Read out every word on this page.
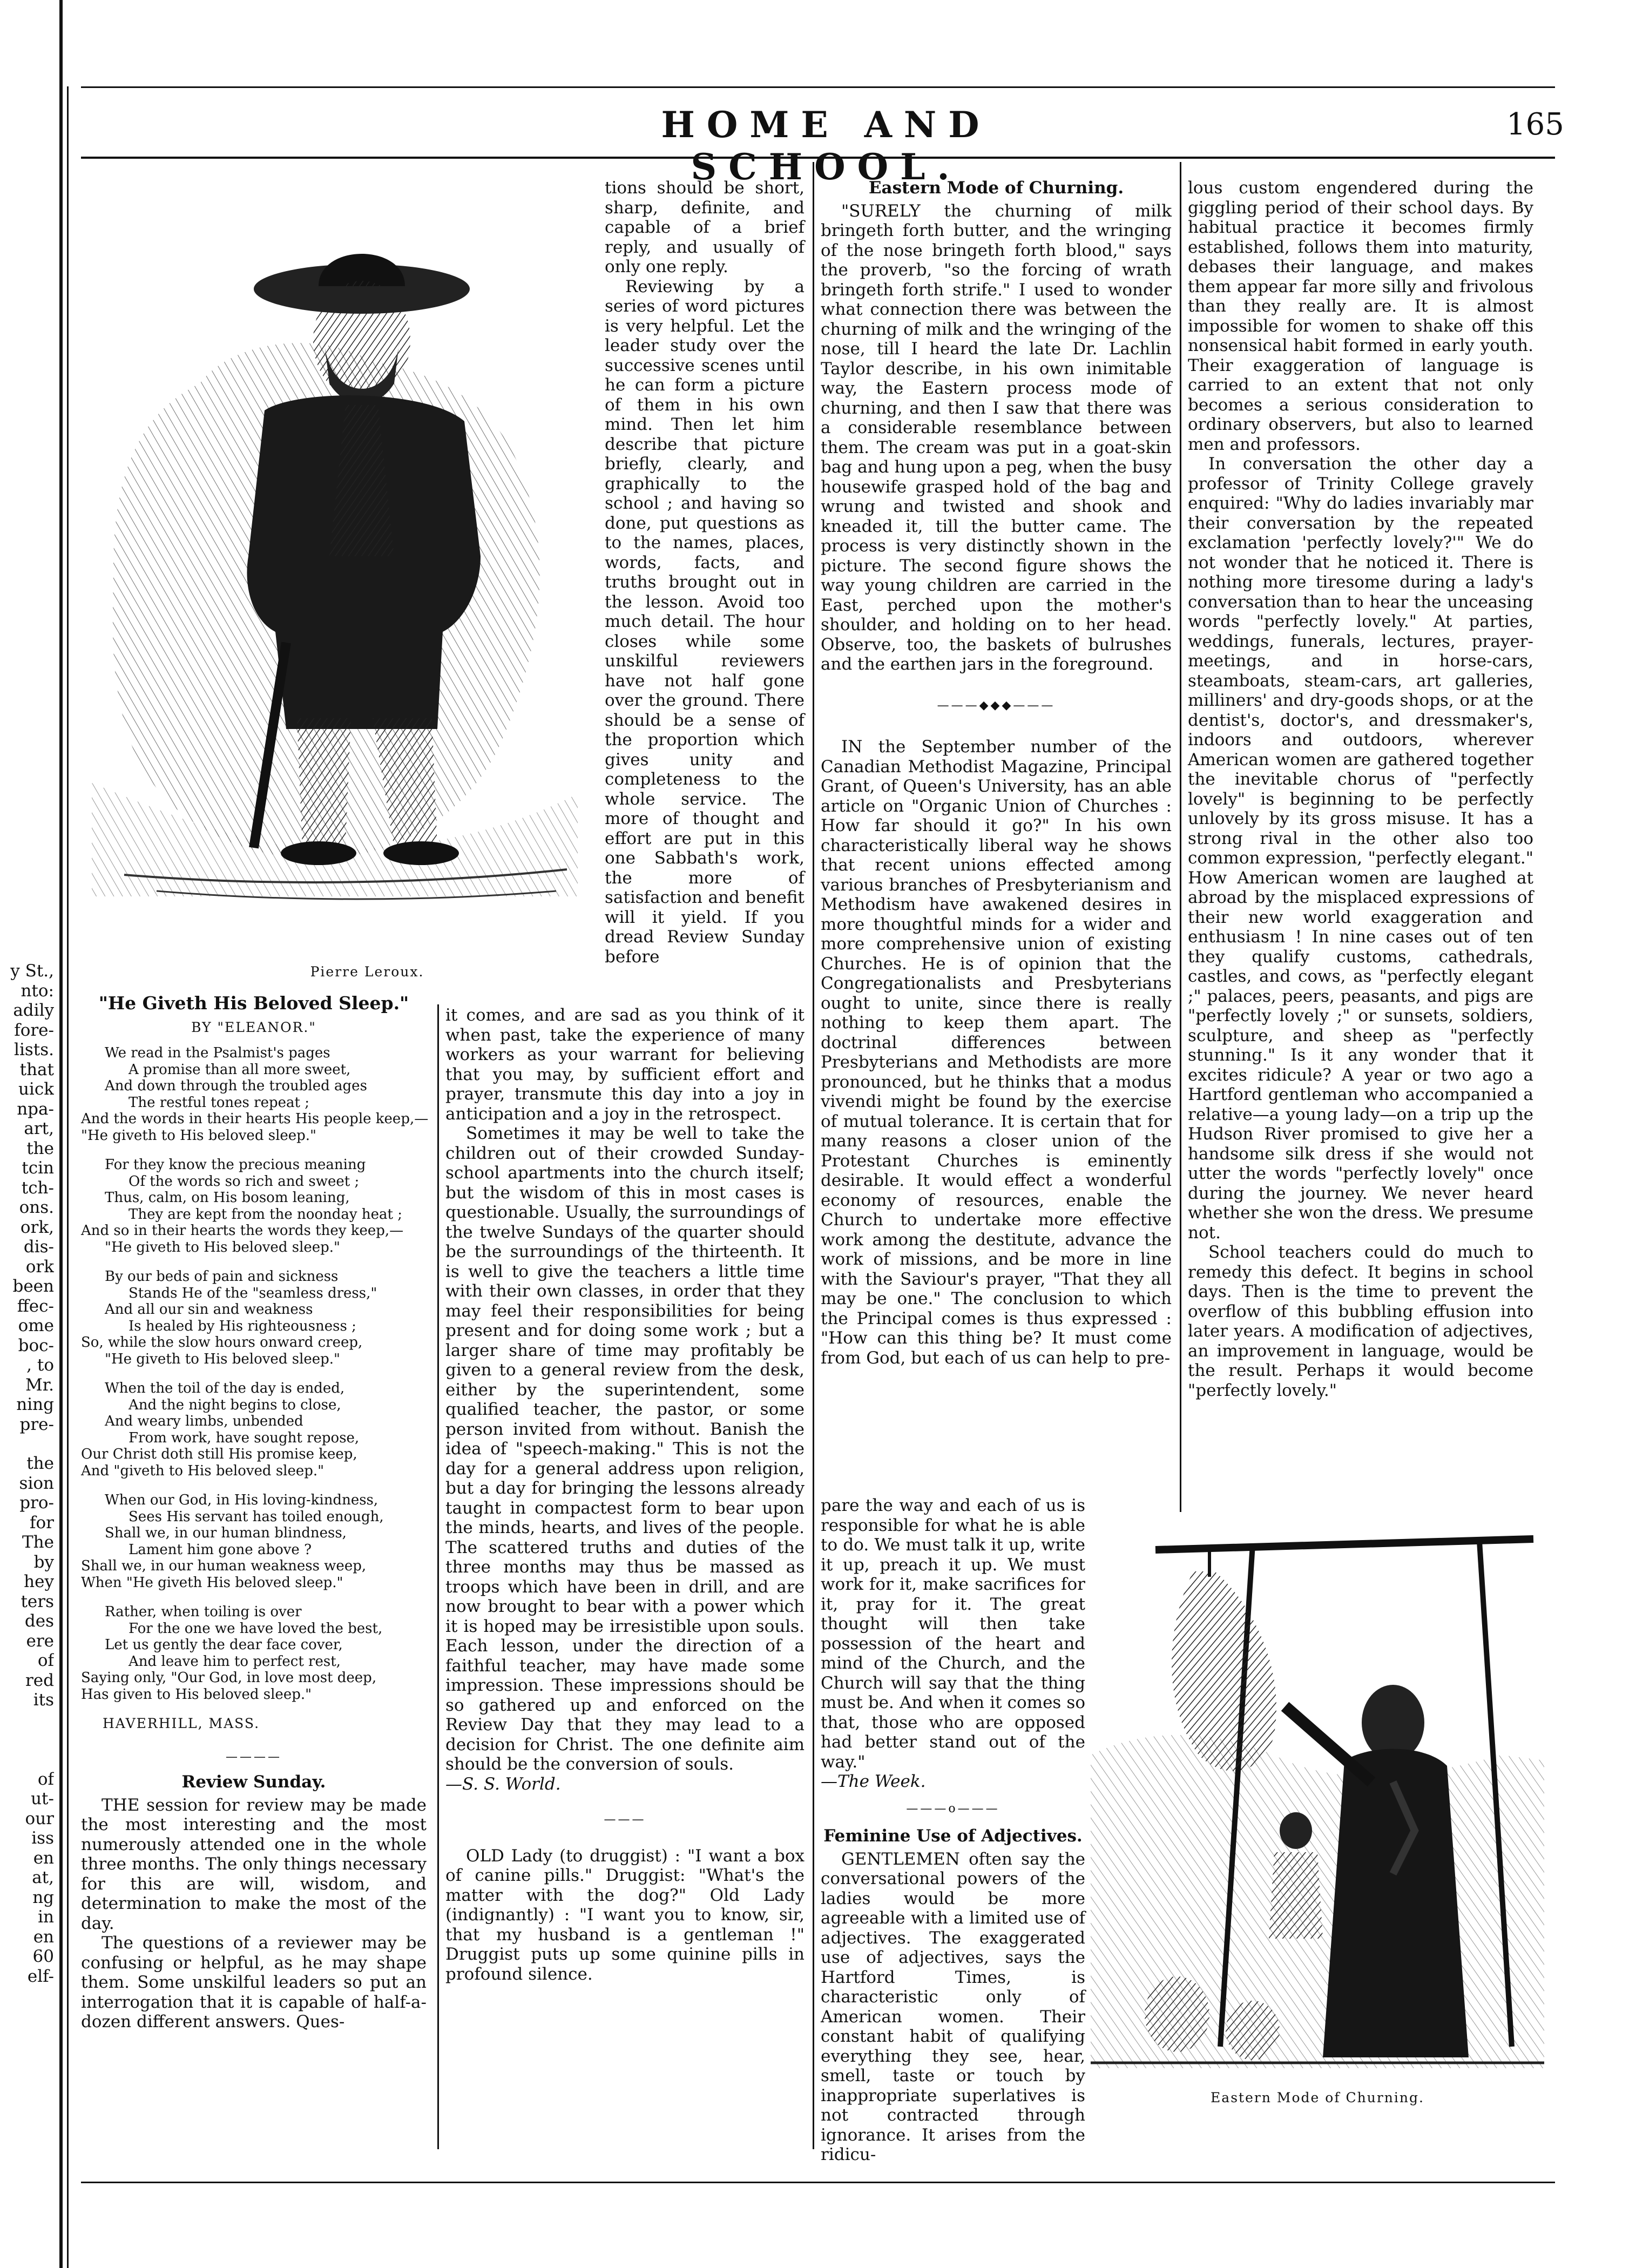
HOME AND SCHOOL.
165
y St.,
nto:
adily
fore-
lists.
that
uick
npa-
art,
the
tcin
tch-
ons.
ork,
dis-
ork
been
ffec-
ome
boc-
, to
Mr.
ning
pre-
the
sion
pro-
for
The
by
hey
ters
des
ere
of
red
its
of
ut-
our
iss
en
at,
ng
in
en
60
elf-
Pierre Leroux.
"He Giveth His Beloved Sleep."
BY "ELEANOR."
We read in the Psalmist's pages
A promise than all more sweet,
And down through the troubled ages
The restful tones repeat ;
And the words in their hearts His people keep,—
"He giveth to His beloved sleep."
For they know the precious meaning
Of the words so rich and sweet ;
Thus, calm, on His bosom leaning,
They are kept from the noonday heat ;
And so in their hearts the words they keep,—
"He giveth to His beloved sleep."
By our beds of pain and sickness
Stands He of the "seamless dress,"
And all our sin and weakness
Is healed by His righteousness ;
So, while the slow hours onward creep,
"He giveth to His beloved sleep."
When the toil of the day is ended,
And the night begins to close,
And weary limbs, unbended
From work, have sought repose,
Our Christ doth still His promise keep,
And "giveth to His beloved sleep."
When our God, in His loving-kindness,
Sees His servant has toiled enough,
Shall we, in our human blindness,
Lament him gone above ?
Shall we, in our human weakness weep,
When "He giveth His beloved sleep."
Rather, when toiling is over
For the one we have loved the best,
Let us gently the dear face cover,
And leave him to perfect rest,
Saying only, "Our God, in love most deep,
Has given to His beloved sleep."
HAVERHILL, MASS.
————
Review Sunday.

THE session for review may be made the most interesting and the most numerously attended one in the whole three months. The only things necessary for this are will, wisdom, and determination to make the most of the day.

The questions of a reviewer may be confusing or helpful, as he may shape them. Some unskilful leaders so put an interrogation that it is capable of half-a-dozen different answers. Ques-

tions should be short, sharp, definite, and capable of a brief reply, and usually of only one reply.

Reviewing by a series of word pictures is very helpful. Let the leader study over the successive scenes until he can form a picture of them in his own mind. Then let him describe that picture briefly, clearly, and graphically to the school ; and having so done, put questions as to the names, places, words, facts, and truths brought out in the lesson. Avoid too much detail. The hour closes while some unskilful reviewers have not half gone over the ground. There should be a sense of the proportion which gives unity and completeness to the whole service. The more of thought and effort are put in this one Sabbath's work, the more of satisfaction and benefit will it yield. If you dread Review Sunday before

it comes, and are sad as you think of it when past, take the experience of many workers as your warrant for believing that you may, by sufficient effort and prayer, transmute this day into a joy in anticipation and a joy in the retrospect.

Sometimes it may be well to take the children out of their crowded Sunday-school apartments into the church itself; but the wisdom of this in most cases is questionable. Usually, the surroundings of the twelve Sundays of the quarter should be the surroundings of the thirteenth. It is well to give the teachers a little time with their own classes, in order that they may feel their responsibilities for being present and for doing some work ; but a larger share of time may profitably be given to a general review from the desk, either by the superintendent, some qualified teacher, the pastor, or some person invited from without. Banish the idea of "speech-making." This is not the day for a general address upon religion, but a day for bringing the lessons already taught in compactest form to bear upon the minds, hearts, and lives of the people. The scattered truths and duties of the three months may thus be massed as troops which have been in drill, and are now brought to bear with a power which it is hoped may be irresistible upon souls. Each lesson, under the direction of a faithful teacher, may have made some impression. These impressions should be so gathered up and enforced on the Review Day that they may lead to a decision for Christ. The one definite aim should be the conversion of souls.

—S. S. World.

———

OLD Lady (to druggist) : "I want a box of canine pills." Druggist: "What's the matter with the dog?" Old Lady (indignantly) : "I want you to know, sir, that my husband is a gentleman !" Druggist puts up some quinine pills in profound silence.

Eastern Mode of Churning.

"SURELY the churning of milk bringeth forth butter, and the wringing of the nose bringeth forth blood," says the proverb, "so the forcing of wrath bringeth forth strife." I used to wonder what connection there was between the churning of milk and the wringing of the nose, till I heard the late Dr. Lachlin Taylor describe, in his own inimitable way, the Eastern process mode of churning, and then I saw that there was a considerable resemblance between them. The cream was put in a goat-skin bag and hung upon a peg, when the busy housewife grasped hold of the bag and wrung and twisted and shook and kneaded it, till the butter came. The process is very distinctly shown in the picture. The second figure shows the way young children are carried in the East, perched upon the mother's shoulder, and holding on to her head. Observe, too, the baskets of bulrushes and the earthen jars in the foreground.

———◆◆◆———

IN the September number of the Canadian Methodist Magazine, Principal Grant, of Queen's University, has an able article on "Organic Union of Churches : How far should it go?" In his own characteristically liberal way he shows that recent unions effected among various branches of Presbyterianism and Methodism have awakened desires in more thoughtful minds for a wider and more comprehensive union of existing Churches. He is of opinion that the Congregationalists and Presbyterians ought to unite, since there is really nothing to keep them apart. The doctrinal differences between Presbyterians and Methodists are more pronounced, but he thinks that a modus vivendi might be found by the exercise of mutual tolerance. It is certain that for many reasons a closer union of the Protestant Churches is eminently desirable. It would effect a wonderful economy of resources, enable the Church to undertake more effective work among the destitute, advance the work of missions, and be more in line with the Saviour's prayer, "That they all may be one." The conclusion to which the Principal comes is thus expressed : "How can this thing be? It must come from God, but each of us can help to pre-

pare the way and each of us is responsible for what he is able to do. We must talk it up, write it up, preach it up. We must work for it, make sacrifices for it, pray for it. The great thought will then take possession of the heart and mind of the Church, and the Church will say that the thing must be. And when it comes so that, those who are opposed had better stand out of the way."

—The Week.

———o———
Feminine Use of Adjectives.

GENTLEMEN often say the conversational powers of the ladies would be more agreeable with a limited use of adjectives. The exaggerated use of adjectives, says the Hartford Times, is characteristic only of American women. Their constant habit of qualifying everything they see, hear, smell, taste or touch by inappropriate superlatives is not contracted through ignorance. It arises from the ridicu-

lous custom engendered during the giggling period of their school days. By habitual practice it becomes firmly established, follows them into maturity, debases their language, and makes them appear far more silly and frivolous than they really are. It is almost impossible for women to shake off this nonsensical habit formed in early youth. Their exaggeration of language is carried to an extent that not only becomes a serious consideration to ordinary observers, but also to learned men and professors.

In conversation the other day a professor of Trinity College gravely enquired: "Why do ladies invariably mar their conversation by the repeated exclamation 'perfectly lovely?'" We do not wonder that he noticed it. There is nothing more tiresome during a lady's conversation than to hear the unceasing words "perfectly lovely." At parties, weddings, funerals, lectures, prayer-meetings, and in horse-cars, steamboats, steam-cars, art galleries, milliners' and dry-goods shops, or at the dentist's, doctor's, and dressmaker's, indoors and outdoors, wherever American women are gathered together the inevitable chorus of "perfectly lovely" is beginning to be perfectly unlovely by its gross misuse. It has a strong rival in the other also too common expression, "perfectly elegant." How American women are laughed at abroad by the misplaced expressions of their new world exaggeration and enthusiasm ! In nine cases out of ten they qualify customs, cathedrals, castles, and cows, as "perfectly elegant ;" palaces, peers, peasants, and pigs are "perfectly lovely ;" or sunsets, soldiers, sculpture, and sheep as "perfectly stunning." Is it any wonder that it excites ridicule? A year or two ago a Hartford gentleman who accompanied a relative—a young lady—on a trip up the Hudson River promised to give her a handsome silk dress if she would not utter the words "perfectly lovely" once during the journey. We never heard whether she won the dress. We presume not.

School teachers could do much to remedy this defect. It begins in school days. Then is the time to prevent the overflow of this bubbling effusion into later years. A modification of adjectives, an improvement in language, would be the result. Perhaps it would become "perfectly lovely."

Eastern Mode of Churning.
